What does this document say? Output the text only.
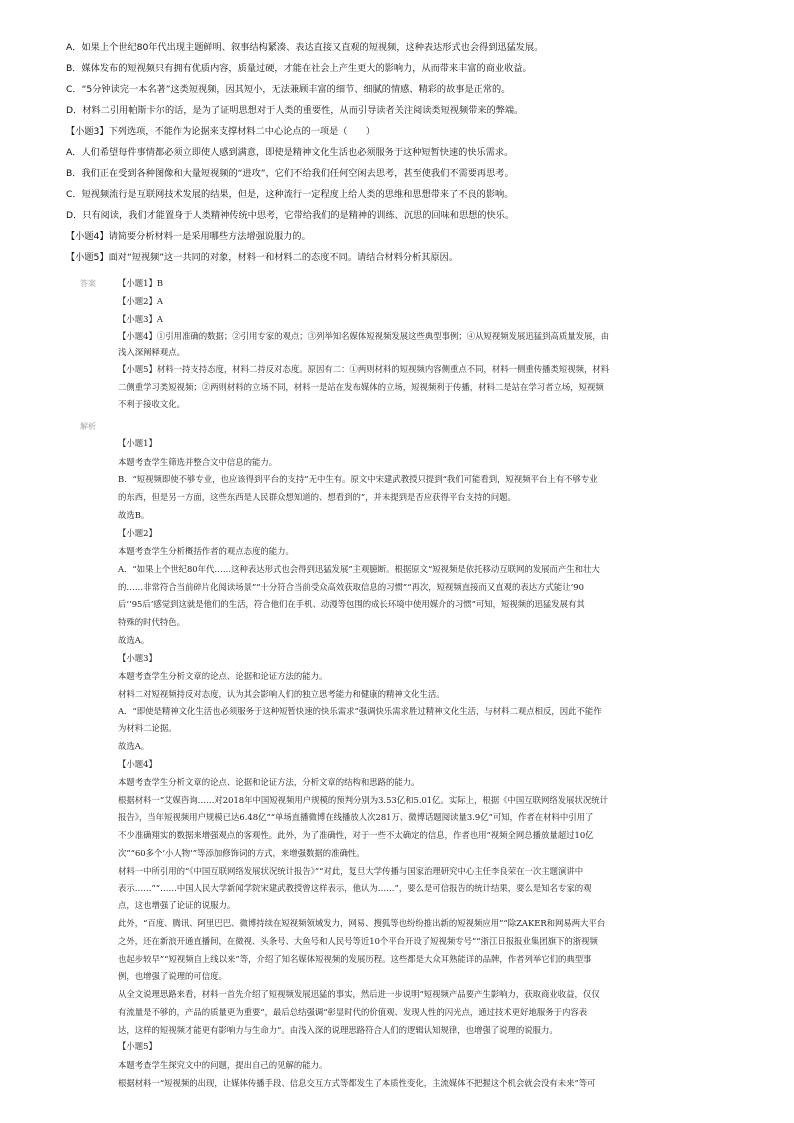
A．如果上个世纪80年代出现主题鲜明、叙事结构紧凑、表达直接又直观的短视频，这种表达形式也会得到迅猛发展。
B．媒体发布的短视频只有拥有优质内容，质量过硬，才能在社会上产生更大的影响力，从而带来丰富的商业收益。
C．“5分钟读完一本名著”这类短视频，因其短小，无法兼顾丰富的细节、细腻的情感、精彩的故事是正常的。
D．材料二引用帕斯卡尔的话，是为了证明思想对于人类的重要性，从而引导读者关注阅读类短视频带来的弊端。
【小题3】下列选项，不能作为论据来支撑材料二中心论点的一项是（　　）
A．人们希望每件事情都必须立即使人感到满意，即使是精神文化生活也必须服务于这种短暂快速的快乐需求。
B．我们正在受到各种图像和大量短视频的“进攻”，它们不给我们任何空闲去思考，甚至使我们不需要再思考。
C．短视频流行是互联网技术发展的结果，但是，这种流行一定程度上给人类的思维和思想带来了不良的影响。
D．只有阅读，我们才能置身于人类精神传统中思考，它带给我们的是精神的训练、沉思的回味和思想的快乐。
【小题4】请简要分析材料一是采用哪些方法增强说服力的。
【小题5】面对“短视频”这一共同的对象，材料一和材料二的态度不同。请结合材料分析其原因。
答案	【小题1】B
【小题2】A
【小题3】A
【小题4】①引用准确的数据；②引用专家的观点；③列举知名媒体短视频发展这些典型事例；④从短视频发展迅猛到高质量发展，由
浅入深阐释观点。
【小题5】材料一持支持态度，材料二持反对态度。原因有二：①两则材料的短视频内容侧重点不同，材料一侧重传播类短视频，材料
二侧重学习类短视频；②两则材料的立场不同，材料一是站在发布媒体的立场，短视频利于传播，材料二是站在学习者立场，短视频
不利于接收文化。
解析
【小题1】
本题考查学生筛选并整合文中信息的能力。
B．“短视频即使不够专业，也应该得到平台的支持”无中生有。原文中宋建武教授只提到“我们可能看到，短视频平台上有不够专业
的东西，但是另一方面，这些东西是人民群众想知道的、想看到的”，并未提到是否应获得平台支持的问题。
故选B。
【小题2】
本题考查学生分析概括作者的观点态度的能力。
A．“如果上个世纪80年代……这种表达形式也会得到迅猛发展”主观臆断。根据原文“短视频是依托移动互联网的发展而产生和壮大
的……非常符合当前碎片化阅读场景”“十分符合当前受众高效获取信息的习惯”“再次，短视频直接而又直观的表达方式能让‘90
后’‘95后’感觉到这就是他们的生活，符合他们在手机、动漫等包围的成长环境中使用媒介的习惯”可知，短视频的迅猛发展有其
特殊的时代特色。
故选A。
【小题3】
本题考查学生分析文章的论点、论据和论证方法的能力。
材料二对短视频持反对态度，认为其会影响人们的独立思考能力和健康的精神文化生活。
A．“即使是精神文化生活也必须服务于这种短暂快速的快乐需求”强调快乐需求胜过精神文化生活，与材料二观点相反，因此不能作
为材料二论据。
故选A。
【小题4】
本题考查学生分析文章的论点、论据和论证方法，分析文章的结构和思路的能力。
根据材料一“艾媒咨询……对2018年中国短视频用户规模的预判分别为3.53亿和5.01亿。实际上，根据《中国互联网络发展状况统计
报告》，当年短视频用户规模已达6.48亿”“单场直播微博在线播放人次281万、微博话题阅读量3.9亿”可知，作者在材料中引用了
不少准确翔实的数据来增强观点的客观性。此外，为了准确性，对于一些不太确定的信息，作者也用“视频全网总播放量超过10亿
次”“60多个‘小人物’”等添加修饰词的方式，来增强数据的准确性。
材料一中所引用的“《中国互联网络发展状况统计报告》”“对此，复旦大学传播与国家治理研究中心主任李良荣在一次主题演讲中
表示……”“……中国人民大学新闻学院宋建武教授曾这样表示，他认为……”，要么是可信报告的统计结果，要么是知名专家的观
点，这也增强了论证的说服力。
此外，“百度、腾讯、阿里巴巴、微博持续在短视频领域发力，网易、搜狐等也纷纷推出新的短视频应用”“除ZAKER和网易两大平台
之外，还在新浪开通直播间，在微视、头条号、大鱼号和人民号等近10个平台开设了短视频专号”“浙江日报报业集团旗下的浙视频
也起步较早”“短视频自上线以来”等，介绍了知名媒体短视频的发展历程。这些都是大众耳熟能详的品牌，作者列举它们的典型事
例，也增强了说理的可信度。
从全文说理思路来看，材料一首先介绍了短视频发展迅猛的事实，然后进一步说明“短视频产品要产生影响力，获取商业收益，仅仅
有流量是不够的，产品的质量更为重要”，最后总结强调“彰显时代的价值观、发现人性的闪光点，通过技术更好地服务于内容表
达，这样的短视频才能更有影响力与生命力”。由浅入深的说理思路符合人们的逻辑认知规律，也增强了说理的说服力。
【小题5】
本题考查学生探究文中的问题，提出自己的见解的能力。
根据材料一“短视频的出现，让媒体传播手段、信息交互方式等都发生了本质性变化，主流媒体不把握这个机会就会没有未来”等可
